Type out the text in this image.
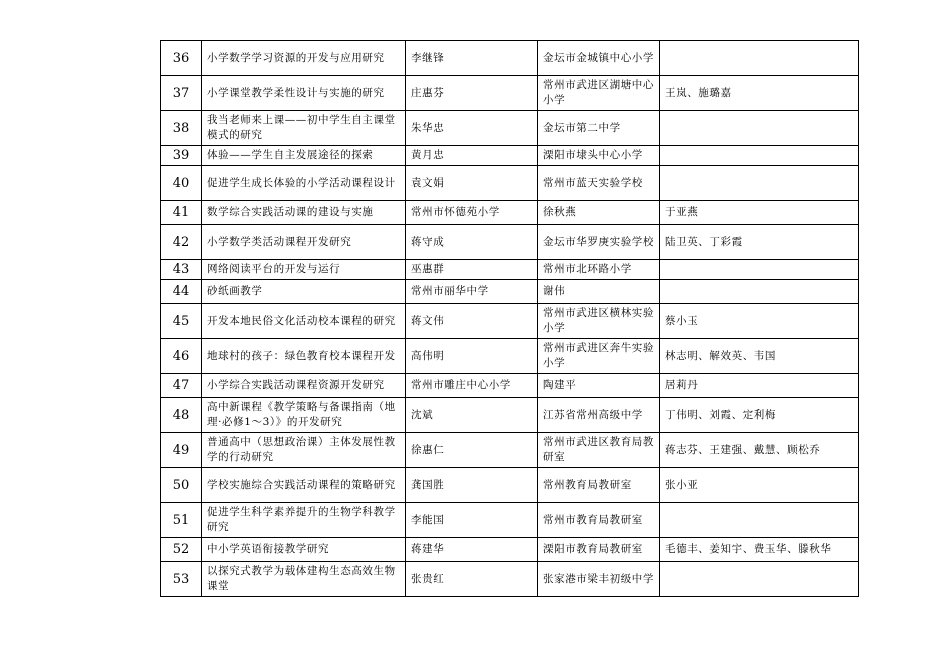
36	小学数学学习资源的开发与应用研究	李继锋	金坛市金城镇中心小学	
37	小学课堂教学柔性设计与实施的研究	庄惠芬	常州市武进区湖塘中心小学	王岚、施璐嘉
38	我当老师来上课——初中学生自主课堂模式的研究	朱华忠	金坛市第二中学	
39	体验——学生自主发展途径的探索	黄月忠	溧阳市埭头中心小学	
40	促进学生成长体验的小学活动课程设计	袁文娟	常州市蓝天实验学校	
41	数学综合实践活动课的建设与实施	常州市怀德苑小学	徐秋燕	于亚燕
42	小学数学类活动课程开发研究	蒋守成	金坛市华罗庚实验学校	陆卫英、丁彩霞
43	网络阅读平台的开发与运行	巫惠群	常州市北环路小学	
44	砂纸画教学	常州市丽华中学	谢伟	
45	开发本地民俗文化活动校本课程的研究	蒋文伟	常州市武进区横林实验小学	蔡小玉
46	地球村的孩子：绿色教育校本课程开发	高伟明	常州市武进区奔牛实验小学	林志明、解效英、韦国
47	小学综合实践活动课程资源开发研究	常州市雕庄中心小学	陶建平	居莉丹
48	高中新课程《教学策略与备课指南（地理·必修1～3）》的开发研究	沈斌	江苏省常州高级中学	丁伟明、刘霞、定利梅
49	普通高中（思想政治课）主体发展性教学的行动研究	徐惠仁	常州市武进区教育局教研室	蒋志芬、王建强、戴慧、顾松乔
50	学校实施综合实践活动课程的策略研究	龚国胜	常州教育局教研室	张小亚
51	促进学生科学素养提升的生物学科教学研究	李能国	常州市教育局教研室	
52	中小学英语衔接教学研究	蒋建华	溧阳市教育局教研室	毛德丰、姜知宇、费玉华、滕秋华
53	以探究式教学为载体建构生态高效生物课堂	张贵红	张家港市梁丰初级中学	
